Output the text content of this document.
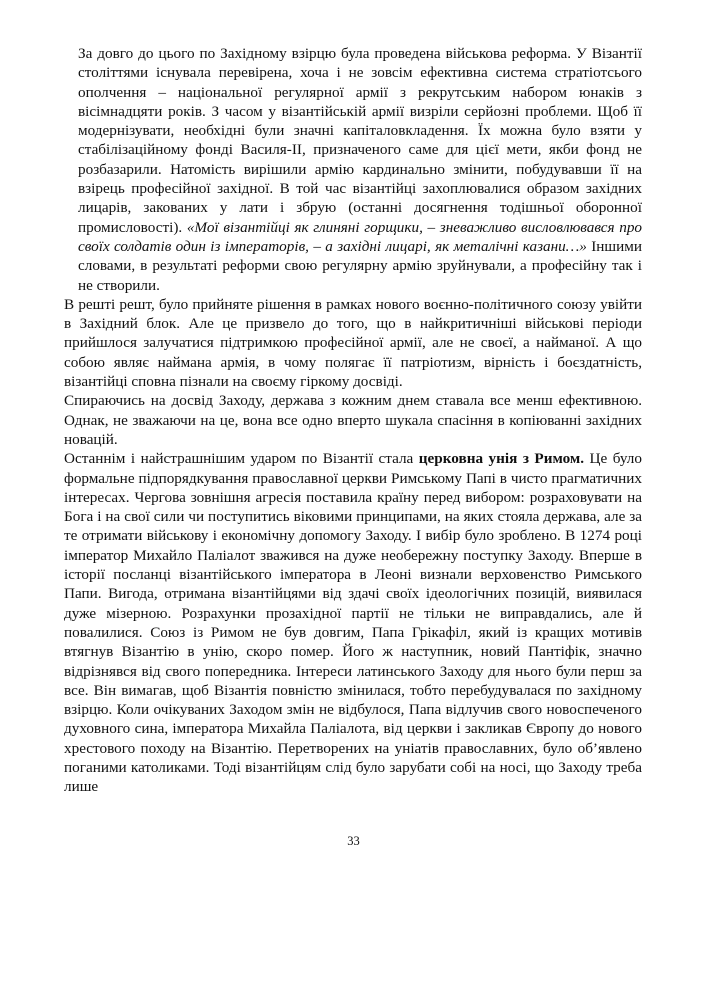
За довго до цього по Західному взірцю була проведена військова реформа. У Візантії століттями існувала перевірена, хоча і не зовсім ефективна система стратіотсього ополчення – національної регулярної армії з рекрутським набором юнаків з вісімнадцяти років. З часом у візантійській армії визріли серйозні проблеми. Щоб її модернізувати, необхідні були значні капіталовкладення. Їх можна було взяти у стабілізаційному фонді Василя-II, призначеного саме для цієї мети, якби фонд не розбазарили. Натомість вирішили армію кардинально змінити, побудувавши її на взірець професійної західної. В той час візантійці захоплювалися образом західних лицарів, закованих у лати і збрую (останні досягнення тодішньої оборонної промисловості). «Мої візантійці як глиняні горщики, – зневажливо висловлювався про своїх солдатів один із імператорів, – а західні лицарі, як металічні казани…» Іншими словами, в результаті реформи свою регулярну армію зруйнували, а професійну так і не створили.

В решті решт, було прийняте рішення в рамках нового воєнно-політичного союзу увійти в Західний блок. Але це призвело до того, що в найкритичніші військові періоди прийшлося залучатися підтримкою професійної армії, але не своєї, а найманої. А що собою являє наймана армія, в чому полягає її патріотизм, вірність і боєздатність, візантійці сповна пізнали на своєму гіркому досвіді.

Спираючись на досвід Заходу, держава з кожним днем ставала все менш ефективною. Однак, не зважаючи на це, вона все одно вперто шукала спасіння в копіюванні західних новацій.

Останнім і найстрашнішим ударом по Візантії стала церковна унія з Римом. Це було формальне підпорядкування православної церкви Римському Папі в чисто прагматичних інтересах. Чергова зовнішня агресія поставила країну перед вибором: розраховувати на Бога і на свої сили чи поступитись віковими принципами, на яких стояла держава, але за те отримати військову і економічну допомогу Заходу. І вибір було зроблено. В 1274 році імператор Михайло Паліалот зважився на дуже необережну поступку Заходу. Вперше в історії посланці візантійського імператора в Леоні визнали верховенство Римського Папи. Вигода, отримана візантійцями від здачі своїх ідеологічних позицій, виявилася дуже мізерною. Розрахунки прозахідної партії не тільки не виправдались, але й повалилися. Союз із Римом не був довгим, Папа Грікафіл, який із кращих мотивів втягнув Візантію в унію, скоро помер. Його ж наступник, новий Пантіфік, значно відрізнявся від свого попередника. Інтереси латинського Заходу для нього були перш за все. Він вимагав, щоб Візантія повністю змінилася, тобто перебудувалася по західному взірцю. Коли очікуваних Заходом змін не відбулося, Папа відлучив свого новоспеченого духовного сина, імператора Михайла Паліалота, від церкви і закликав Європу до нового хрестового походу на Візантію. Перетворених на уніатів православних, було об’явлено поганими католиками. Тоді візантійцям слід було зарубати собі на носі, що Заходу треба лише

33
